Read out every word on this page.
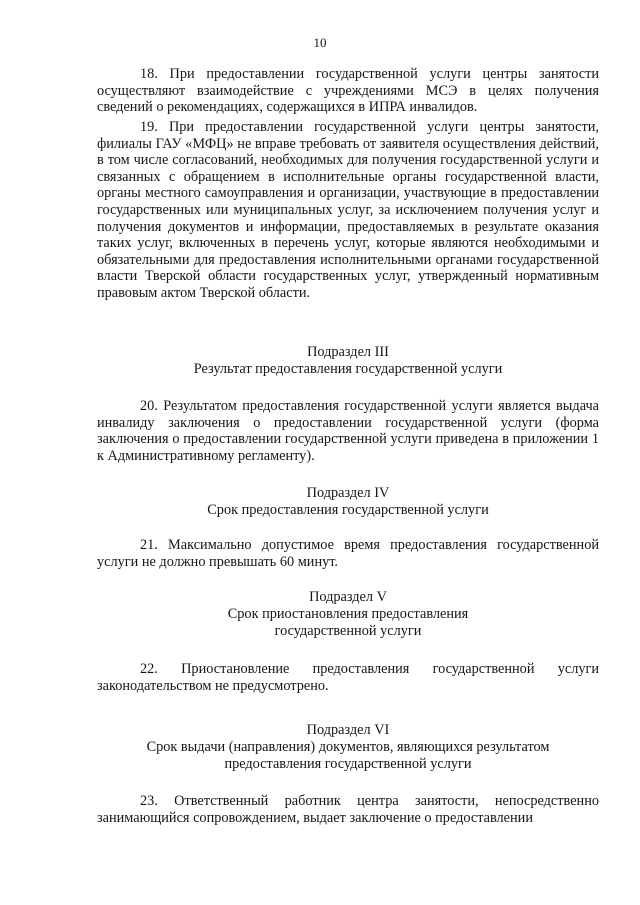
10

18. При предоставлении государственной услуги центры занятости осуществляют взаимодействие с учреждениями МСЭ в целях получения сведений о рекомендациях, содержащихся в ИПРА инвалидов.

19. При предоставлении государственной услуги центры занятости, филиалы ГАУ «МФЦ» не вправе требовать от заявителя осуществления действий, в том числе согласований, необходимых для получения государственной услуги и связанных с обращением в исполнительные органы государственной власти, органы местного самоуправления и организации, участвующие в предоставлении государственных или муниципальных услуг, за исключением получения услуг и получения документов и информации, предоставляемых в результате оказания таких услуг, включенных в перечень услуг, которые являются необходимыми и обязательными для предоставления исполнительными органами государственной власти Тверской области государственных услуг, утвержденный нормативным правовым актом Тверской области.

Подраздел III

Результат предоставления государственной услуги

20. Результатом предоставления государственной услуги является выдача инвалиду заключения о предоставлении государственной услуги (форма заключения о предоставлении государственной услуги приведена в приложении 1 к Административному регламенту).

Подраздел IV

Срок предоставления государственной услуги

21. Максимально допустимое время предоставления государственной услуги не должно превышать 60 минут.

Подраздел V

Срок приостановления предоставления

государственной услуги

22. Приостановление предоставления государственной услуги законодательством не предусмотрено.

Подраздел VI

Срок выдачи (направления) документов, являющихся результатом

предоставления государственной услуги

23. Ответственный работник центра занятости, непосредственно занимающийся сопровождением, выдает заключение о предоставлении
